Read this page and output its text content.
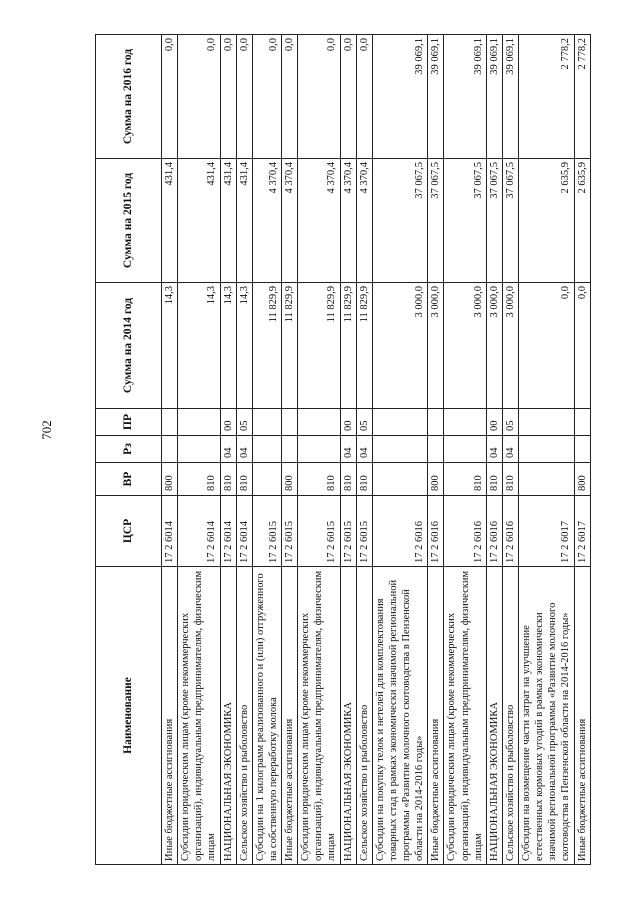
702
Наименование	ЦСР	ВР	Рз	ПР	Сумма на 2014 год	Сумма на 2015 год	Сумма на 2016 год
Иные бюджетные ассигнования	17 2 6014	800			14,3	431,4	0,0
Субсидии юридическим лицам (кроме некоммерческих организаций), индивидуальным предпринимателям, физическим лицам	17 2 6014	810			14,3	431,4	0,0
НАЦИОНАЛЬНАЯ ЭКОНОМИКА	17 2 6014	810	04	00	14,3	431,4	0,0
Сельское хозяйство и рыболовство	17 2 6014	810	04	05	14,3	431,4	0,0
Субсидии на 1 килограмм реализованного и (или) отгруженного на собственную переработку молока	17 2 6015				11 829,9	4 370,4	0,0
Иные бюджетные ассигнования	17 2 6015	800			11 829,9	4 370,4	0,0
Субсидии юридическим лицам (кроме некоммерческих организаций), индивидуальным предпринимателям, физическим лицам	17 2 6015	810			11 829,9	4 370,4	0,0
НАЦИОНАЛЬНАЯ ЭКОНОМИКА	17 2 6015	810	04	00	11 829,9	4 370,4	0,0
Сельское хозяйство и рыболовство	17 2 6015	810	04	05	11 829,9	4 370,4	0,0
Субсидии на покупку телок и нетелей для комплектования товарных стад в рамках экономически значимой региональной программы «Развитие молочного скотоводства в Пензенской области на 2014-2016 годы»	17 2 6016				3 000,0	37 067,5	39 069,1
Иные бюджетные ассигнования	17 2 6016	800			3 000,0	37 067,5	39 069,1
Субсидии юридическим лицам (кроме некоммерческих организаций), индивидуальным предпринимателям, физическим лицам	17 2 6016	810			3 000,0	37 067,5	39 069,1
НАЦИОНАЛЬНАЯ ЭКОНОМИКА	17 2 6016	810	04	00	3 000,0	37 067,5	39 069,1
Сельское хозяйство и рыболовство	17 2 6016	810	04	05	3 000,0	37 067,5	39 069,1
Субсидии на возмещение части затрат на улучшение естественных кормовых угодий в рамках экономически значимой региональной программы «Развитие молочного скотоводства в Пензенской области на 2014-2016 годы»	17 2 6017				0,0	2 635,9	2 778,2
Иные бюджетные ассигнования	17 2 6017	800			0,0	2 635,9	2 778,2
